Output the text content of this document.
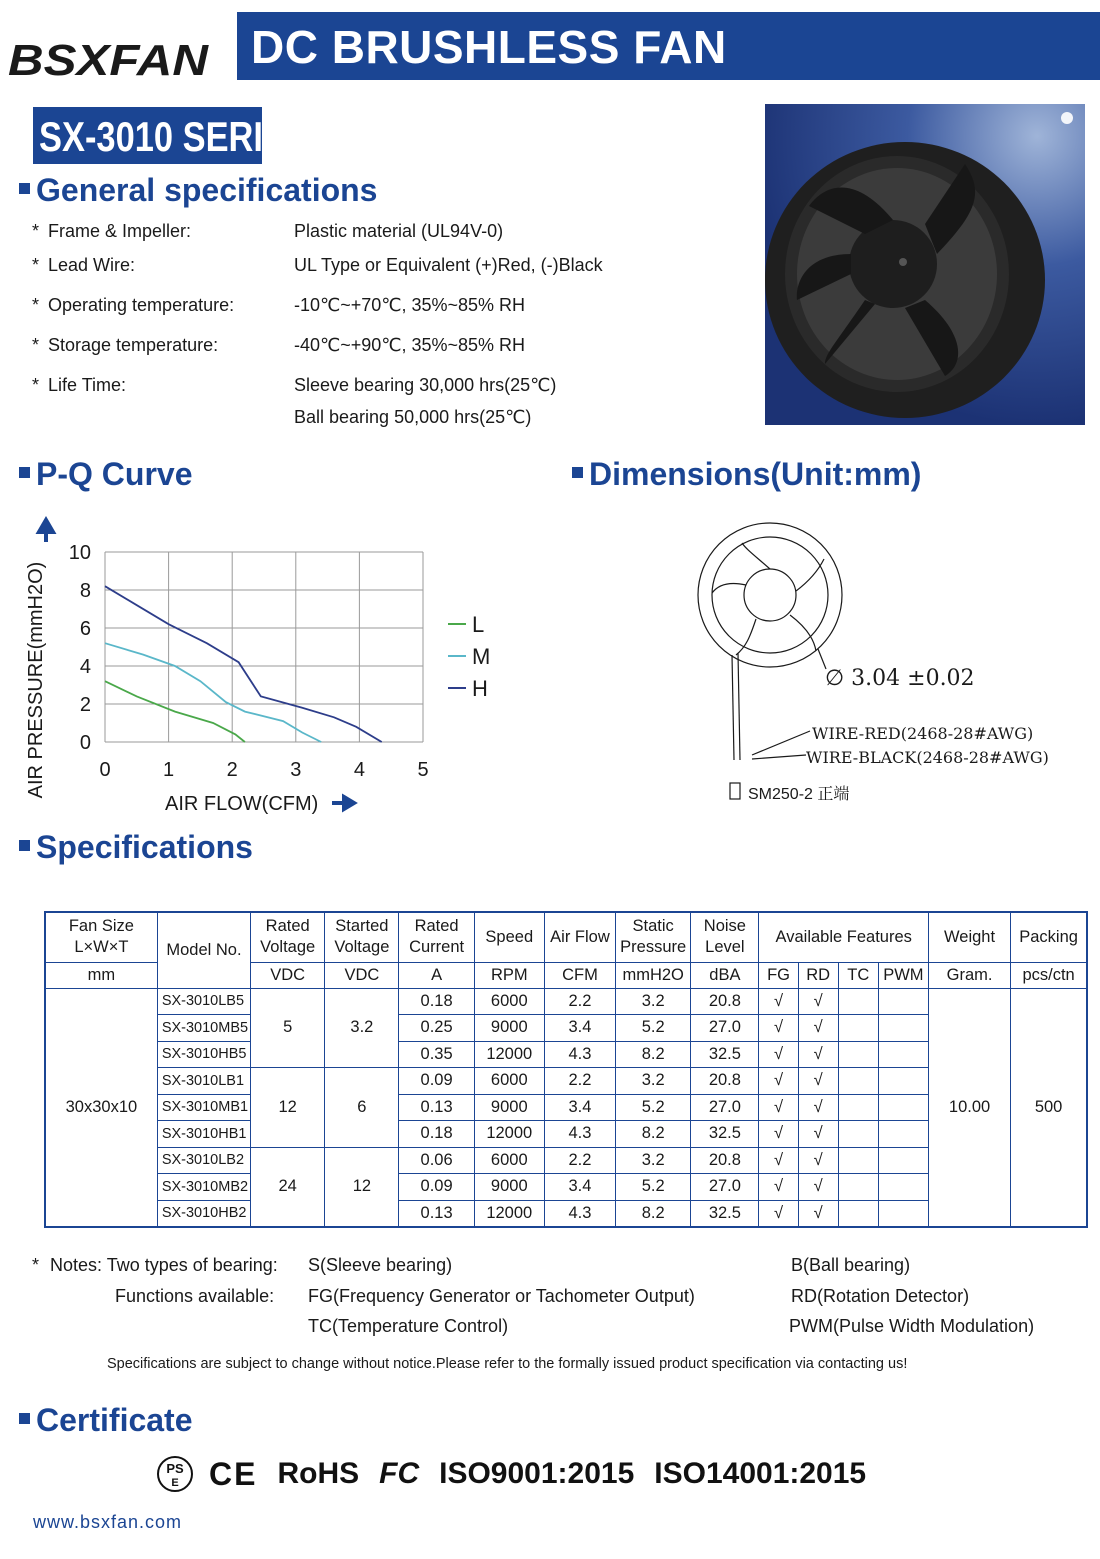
BSXFAN DC BRUSHLESS FAN
SX-3010 SERIES
General specifications
* Frame & Impeller:	Plastic material (UL94V-0)
* Lead Wire:	UL Type or Equivalent (+)Red, (-)Black
* Operating temperature:	-10℃~+70℃, 35%~85% RH
* Storage temperature:	-40℃~+90℃, 35%~85% RH
* Life Time:	Sleeve bearing 30,000 hrs(25℃)
Ball bearing 50,000 hrs(25℃)
P-Q Curve	Dimensions(Unit:mm)
0
2
4
6
8
10
0	1	2	3	4	5
L
M
H
AIR PRESSURE(mmH2O)
AIR FLOW(CFM)
∅ 3.04 ±0.02
WIRE-RED(2468-28#AWG)
WIRE-BLACK(2468-28#AWG)
SM250-2 正端
Specifications
Fan Size L×W×T	Model No.	Rated Voltage	Started Voltage	Rated Current	Speed	Air Flow	Static Pressure	Noise Level	Available Features				Weight	Packing
mm		VDC	VDC	A	RPM	CFM	mmH2O	dBA	FG	RD	TC	PWM	Gram.	pcs/ctn
30x30x10	SX-3010LB5	5	3.2	0.18	6000	2.2	3.2	20.8	√	√			10.00	500
	SX-3010MB5			0.25	9000	3.4	5.2	27.0	√	√				
	SX-3010HB5			0.35	12000	4.3	8.2	32.5	√	√				
	SX-3010LB1	12	6	0.09	6000	2.2	3.2	20.8	√	√				
	SX-3010MB1			0.13	9000	3.4	5.2	27.0	√	√				
	SX-3010HB1			0.18	12000	4.3	8.2	32.5	√	√				
	SX-3010LB2	24	12	0.06	6000	2.2	3.2	20.8	√	√				
	SX-3010MB2			0.09	9000	3.4	5.2	27.0	√	√				
	SX-3010HB2			0.13	12000	4.3	8.2	32.5	√	√				
* Notes: Two types of bearing: S(Sleeve bearing)	B(Ball bearing)
Functions available: FG(Frequency Generator or Tachometer Output)	RD(Rotation Detector)
TC(Temperature Control)	PWM(Pulse Width Modulation)
Specifications are subject to change without notice.Please refer to the formally issued product specification via contacting us!
Certificate
PS
E CE RoHS FC ISO9001:2015 ISO14001:2015
www.bsxfan.com
